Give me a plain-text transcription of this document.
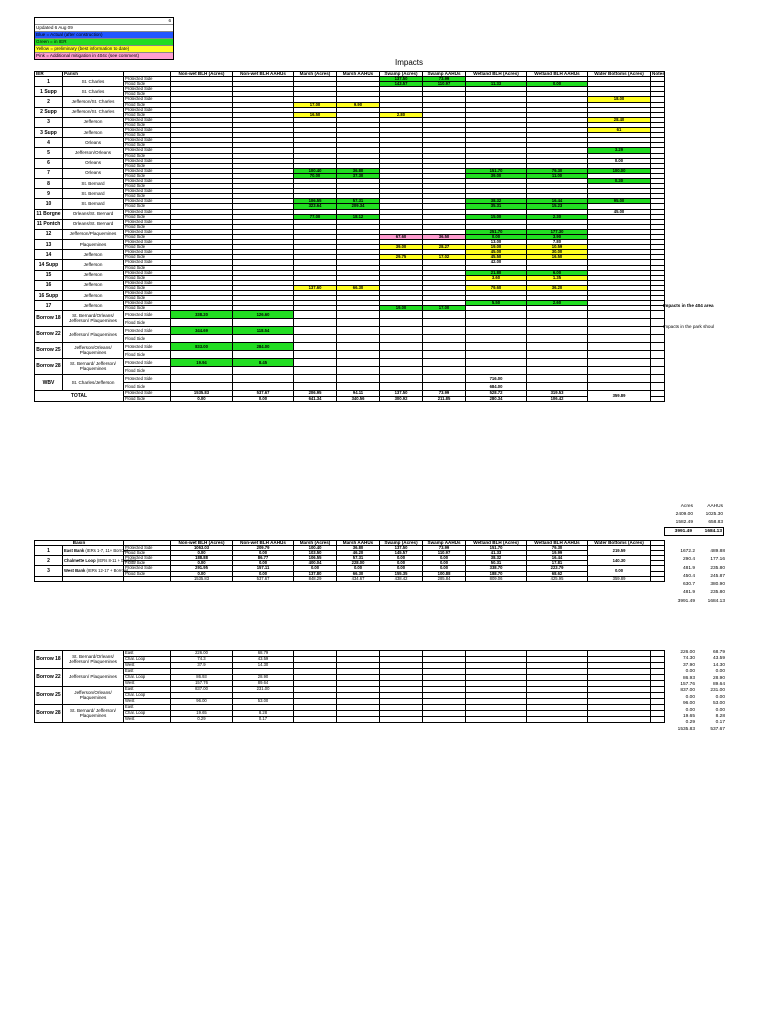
6
Updated 6 Aug 09
Blue = Actual (after construction)
Green = in IER
Yellow = preliminary (best information to date)
Pink = Additional mitigation in 404c (see comment)
Impacts
IER	Parish		Non-wet BLH (Acres)	Non-wet BLH AAHUs	Marsh (Acres)	Marsh AAHUs	Swamp (Acres)	Swamp AAHUs	Wetland BLH (Acres)	Wetland BLH AAHUs	Water Bottoms (Acres)	Notes
1	St. Charles	Protected Side					137.50	73.99				
		Flood Side					143.57	110.97	11.33	0.00		
1 Supp	St. Charles	Protected Side										
		Flood Side										
2	Jefferson/St. Charles	Protected Side									18.00	
		Flood Side			17.00	9.90						
2 Supp	Jefferson/St. Charles	Protected Side										
		Flood Side			16.50		2.80					
3	Jefferson	Protected Side									28.40	
		Flood Side										
3 Supp	Jefferson	Protected Side									61	
		Flood Side										
4	Orleans	Protected Side										
		Flood Side										
5	Jefferson/Orleans	Protected Side									3.29	
		Flood Side										
6	Orleans	Protected Side									0.00	
		Flood Side										
7	Orleans	Protected Side			100.40	36.80			151.70	79.30	100.00	
		Flood Side			70.00	37.30			39.00	11.00		
8	St. Bernard	Protected Side									0.30	
		Flood Side										
9	St. Bernard	Protected Side										
		Flood Side										
10	St. Bernard	Protected Side			106.55	57.31			38.32	16.44	95.00	
		Flood Side			323.64	209.34			35.31	15.23		
11 Borgne	Orleans/St. Bernard	Protected Side									45.00	
		Flood Side			77.00	18.12			15.00	2.30		
11 Pontch	Orleans/St. Bernard	Protected Side										
		Flood Side										
12	Jefferson/Plaquemines	Protected Side							251.70	177.30		
		Flood Side					67.60	36.50	0.00	3.90		
13	Plaquemines	Protected Side							13.00	7.80		
		Flood Side					39.00	28.27	19.00	10.59		
14	Jefferson	Protected Side							45.00	30.00		
		Flood Side					29.75	17.02	45.50	16.50		
14 Supp	Jefferson	Protected Side							42.00			
		Flood Side										
15	Jefferson	Protected Side							21.80	6.00		
		Flood Side							3.60	1.35		
16	Jefferson	Protected Side										
		Flood Side			137.60	66.30			79.60	36.20		
16 Supp	Jefferson	Protected Side										
		Flood Side										
17	Jefferson	Protected Side							5.50	2.60		
		Flood Side					19.00	17.00				
Borrow 18	St. Bernard/Orleans/ Jefferson/ Plaquemines	Protected Side	338.20	126.60								
		Flood Side										
Borrow 22	Jefferson/ Plaquemines	Protected Side	344.69	118.54								
		Flood Side										
Borrow 25	Jefferson/Orleans/ Plaquemines	Protected Side	833.00	284.00								
		Flood Side										
Borrow 28	St. Bernard/ Jefferson/ Plaquemines	Protected Side	19.94	8.45								
		Flood Side										
WBV	St. Charles/Jefferson	Protected Side							716.00			
		Flood Side							684.00			
TOTAL		Protected Side	1535.83	537.67	206.95	94.11	137.50	73.99	528.72	319.53	359.89	
		Flood Side	0.00	0.00	641.34	340.56	300.92	211.85	280.34	106.42		
Impacts in the 404 area
Impacts in the park shoul
Acres	AAHUs
2409.00	1025.30
1582.49	658.83
3991.49	1684.13
Basin			Non-wet BLH (Acres)	Non-wet BLH AAHUs	Marsh (Acres)	Marsh AAHUs	Swamp (Acres)	Swamp AAHUs	Wetland BLH (Acres)	Wetland BLH AAHUs	Water Bottoms (Acres)	
1	East Bank (IERs 1-7, 11+ Borrow)	Protected Side	1063.03	209.79	100.40	36.80	137.50	73.99	151.70	79.30	219.59	
		Flood Side	0.00	0.00	103.50	46.20	145.57	110.97	41.33	19.99		
2	Chalmette Loop (IERs 8-11 + Borrow)	Protected Side	188.88	86.77	106.55	57.31	0.00	0.00	38.32	16.44	140.30	
		Flood Side	0.00	0.00	400.04	228.00	0.00	0.00	50.31	17.81		
3	West Bank (IERs 12-17 + Borrow)	Protected Side	291.95	157.11	0.00	0.00	0.00	0.00	338.70	223.79	0.00	
		Flood Side	0.00	0.00	137.80	66.30	155.35	100.88	188.70	68.62		
			1535.83	537.67	848.29	434.67	438.42	285.84	809.06	425.95	359.89	
1672.2	489.88
290.4	177.16
481.9	235.80
450.4	245.87
630.7	380.90
481.9	235.80
3991.49	1684.13
Borrow 18	St. Bernard/Orleans/ Jefferson/ Plaquemines	East	226.00	68.79								
		Chal. Loop	74.3	43.59								
		West	37.9	14.30								
Borrow 22	Jefferson/ Plaquemines	East										
		Chal. Loop	86.93	28.90								
		West	157.76	89.64								
Borrow 25	Jefferson/Orleans/ Plaquemines	East	837.00	231.00								
		Chal. Loop										
		West	96.00	53.00								
Borrow 28	St. Bernard/ Jefferson/ Plaquemines	East										
		Chal. Loop	19.65	8.28								
		West	0.29	0.17								
226.00	68.79
74.30	43.59
37.90	14.30
0.00	0.00
86.93	28.90
157.76	89.64
837.00	231.00
0.00	0.00
96.00	53.00
0.00	0.00
19.65	8.28
0.29	0.17
1535.83	537.67
